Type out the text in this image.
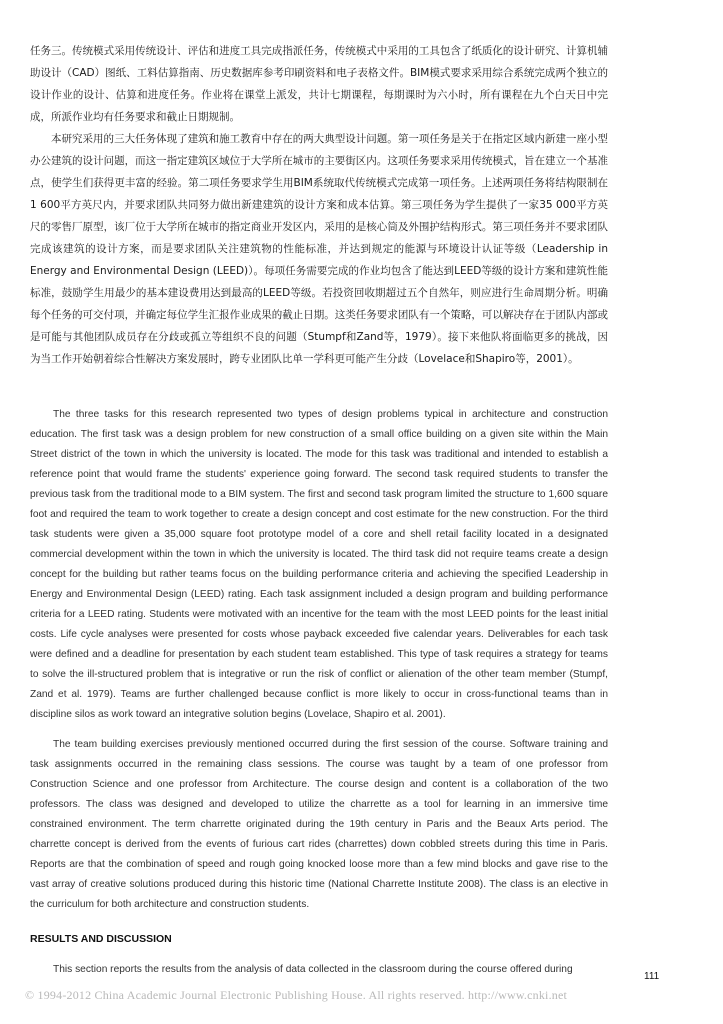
任务三。传统模式采用传统设计、评估和进度工具完成指派任务，传统模式中采用的工具包含了纸质化的设计研究、计算机辅助设计（CAD）图纸、工料估算指南、历史数据库参考印刷资料和电子表格文件。BIM模式要求采用综合系统完成两个独立的设计作业的设计、估算和进度任务。作业将在课堂上派发，共计七期课程，每期课时为六小时，所有课程在九个白天日中完成，所派作业均有任务要求和截止日期规制。

本研究采用的三大任务体现了建筑和施工教育中存在的两大典型设计问题。第一项任务是关于在指定区域内新建一座小型办公建筑的设计问题，而这一指定建筑区域位于大学所在城市的主要街区内。这项任务要求采用传统模式，旨在建立一个基准点，使学生们获得更丰富的经验。第二项任务要求学生用BIM系统取代传统模式完成第一项任务。上述两项任务将结构限制在1 600平方英尺内，并要求团队共同努力做出新建建筑的设计方案和成本估算。第三项任务为学生提供了一家35 000平方英尺的零售厂原型，该厂位于大学所在城市的指定商业开发区内，采用的是核心筒及外围护结构形式。第三项任务并不要求团队完成该建筑的设计方案，而是要求团队关注建筑物的性能标准，并达到规定的能源与环境设计认证等级（Leadership in Energy and Environmental Design (LEED)）。每项任务需要完成的作业均包含了能达到LEED等级的设计方案和建筑性能标准，鼓励学生用最少的基本建设费用达到最高的LEED等级。若投资回收期超过五个自然年，则应进行生命周期分析。明确每个任务的可交付项，并确定每位学生汇报作业成果的截止日期。这类任务要求团队有一个策略，可以解决存在于团队内部或是可能与其他团队成员存在分歧或孤立等组织不良的问题（Stumpf和Zand等，1979）。接下来他队将面临更多的挑战，因为当工作开始朝着综合性解决方案发展时，跨专业团队比单一学科更可能产生分歧（Lovelace和Shapiro等，2001）。

The three tasks for this research represented two types of design problems typical in architecture and construction education. The first task was a design problem for new construction of a small office building on a given site within the Main Street district of the town in which the university is located. The mode for this task was traditional and intended to establish a reference point that would frame the students' experience going forward. The second task required students to transfer the previous task from the traditional mode to a BIM system. The first and second task program limited the structure to 1,600 square foot and required the team to work together to create a design concept and cost estimate for the new construction. For the third task students were given a 35,000 square foot prototype model of a core and shell retail facility located in a designated commercial development within the town in which the university is located. The third task did not require teams create a design concept for the building but rather teams focus on the building performance criteria and achieving the specified Leadership in Energy and Environmental Design (LEED) rating. Each task assignment included a design program and building performance criteria for a LEED rating. Students were motivated with an incentive for the team with the most LEED points for the least initial costs. Life cycle analyses were presented for costs whose payback exceeded five calendar years. Deliverables for each task were defined and a deadline for presentation by each student team established. This type of task requires a strategy for teams to solve the ill-structured problem that is integrative or run the risk of conflict or alienation of the other team member (Stumpf, Zand et al. 1979). Teams are further challenged because conflict is more likely to occur in cross-functional teams than in discipline silos as work toward an integrative solution begins (Lovelace, Shapiro et al. 2001).

The team building exercises previously mentioned occurred during the first session of the course. Software training and task assignments occurred in the remaining class sessions. The course was taught by a team of one professor from Construction Science and one professor from Architecture. The course design and content is a collaboration of the two professors. The class was designed and developed to utilize the charrette as a tool for learning in an immersive time constrained environment. The term charrette originated during the 19th century in Paris and the Beaux Arts period. The charrette concept is derived from the events of furious cart rides (charrettes) down cobbled streets during this time in Paris. Reports are that the combination of speed and rough going knocked loose more than a few mind blocks and gave rise to the vast array of creative solutions produced during this historic time (National Charrette Institute 2008). The class is an elective in the curriculum for both architecture and construction students.

RESULTS AND DISCUSSION

This section reports the results from the analysis of data collected in the classroom during the course offered during

111
© 1994-2012 China Academic Journal Electronic Publishing House. All rights reserved. http://www.cnki.net
